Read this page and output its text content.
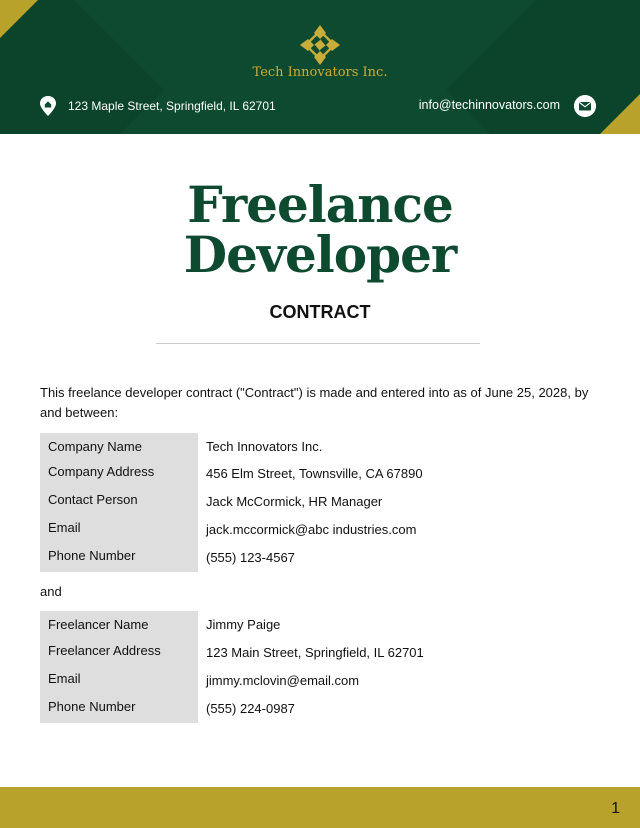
Tech Innovators Inc.
123 Maple Street, Springfield, IL 62701	info@techinnovators.com
Freelance
Developer
CONTRACT
This freelance developer contract ("Contract") is made and entered into as of June 25, 2028, by and between:
Company Name	Tech Innovators Inc.
Company Address	456 Elm Street, Townsville, CA 67890
Contact Person	Jack McCormick, HR Manager
Email	jack.mccormick@abc industries.com
Phone Number	(555) 123-4567
and
Freelancer Name	Jimmy Paige
Freelancer Address	123 Main Street, Springfield, IL 62701
Email	jimmy.mclovin@email.com
Phone Number	(555) 224-0987
1
